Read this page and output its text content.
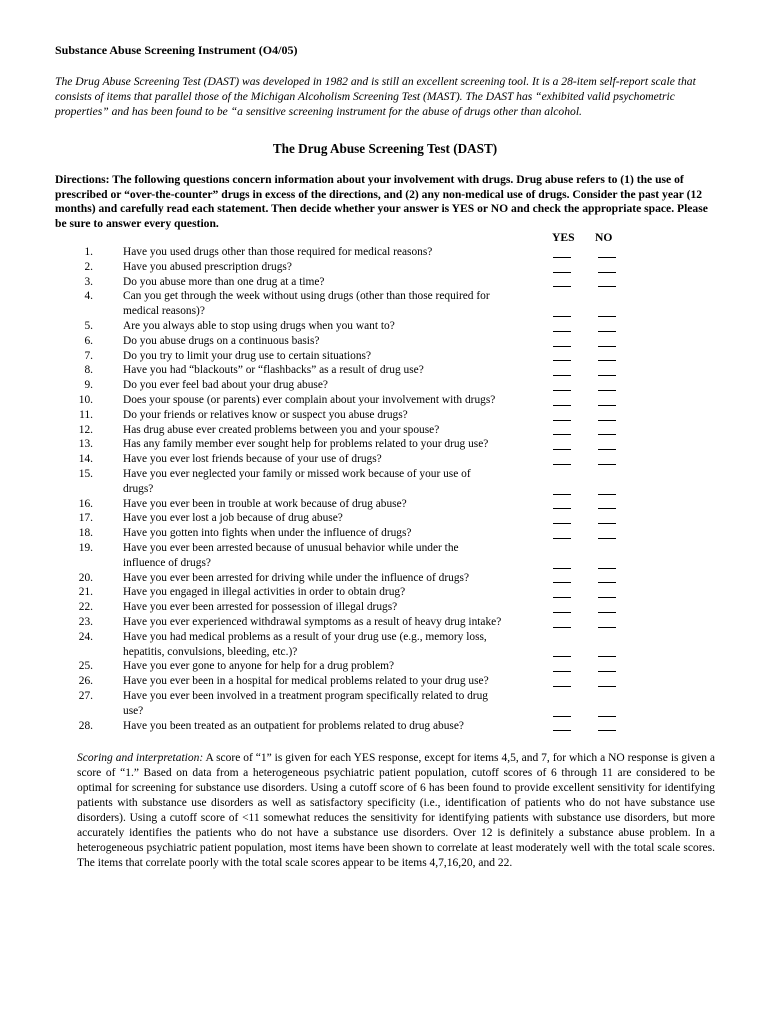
Substance Abuse Screening Instrument (O4/05)

The Drug Abuse Screening Test (DAST) was developed in 1982 and is still an excellent screening tool. It is a 28-item self-report scale that consists of items that parallel those of the Michigan Alcoholism Screening Test (MAST). The DAST has “exhibited valid psychometric properties” and has been found to be “a sensitive screening instrument for the abuse of drugs other than alcohol.

The Drug Abuse Screening Test (DAST)

Directions: The following questions concern information about your involvement with drugs. Drug abuse refers to (1) the use of prescribed or “over-the-counter” drugs in excess of the directions, and (2) any non-medical use of drugs. Consider the past year (12 months) and carefully read each statement. Then decide whether your answer is YES or NO and check the appropriate space. Please be sure to answer every question.

YES NO
1.	Have you used drugs other than those required for medical reasons?
2.	Have you abused prescription drugs?
3.	Do you abuse more than one drug at a time?
4.	Can you get through the week without using drugs (other than those required for medical reasons)?
5.	Are you always able to stop using drugs when you want to?
6.	Do you abuse drugs on a continuous basis?
7.	Do you try to limit your drug use to certain situations?
8.	Have you had “blackouts” or “flashbacks” as a result of drug use?
9.	Do you ever feel bad about your drug abuse?
10.	Does your spouse (or parents) ever complain about your involvement with drugs?
11.	Do your friends or relatives know or suspect you abuse drugs?
12.	Has drug abuse ever created problems between you and your spouse?
13.	Has any family member ever sought help for problems related to your drug use?
14.	Have you ever lost friends because of your use of drugs?
15.	Have you ever neglected your family or missed work because of your use of drugs?
16.	Have you ever been in trouble at work because of drug abuse?
17.	Have you ever lost a job because of drug abuse?
18.	Have you gotten into fights when under the influence of drugs?
19.	Have you ever been arrested because of unusual behavior while under the influence of drugs?
20.	Have you ever been arrested for driving while under the influence of drugs?
21.	Have you engaged in illegal activities in order to obtain drug?
22.	Have you ever been arrested for possession of illegal drugs?
23.	Have you ever experienced withdrawal symptoms as a result of heavy drug intake?
24.	Have you had medical problems as a result of your drug use (e.g., memory loss, hepatitis, convulsions, bleeding, etc.)?
25.	Have you ever gone to anyone for help for a drug problem?
26.	Have you ever been in a hospital for medical problems related to your drug use?
27.	Have you ever been involved in a treatment program specifically related to drug use?
28.	Have you been treated as an outpatient for problems related to drug abuse?

Scoring and interpretation: A score of “1” is given for each YES response, except for items 4,5, and 7, for which a NO response is given a score of “1.” Based on data from a heterogeneous psychiatric patient population, cutoff scores of 6 through 11 are considered to be optimal for screening for substance use disorders. Using a cutoff score of 6 has been found to provide excellent sensitivity for identifying patients with substance use disorders as well as satisfactory specificity (i.e., identification of patients who do not have substance use disorders). Using a cutoff score of <11 somewhat reduces the sensitivity for identifying patients with substance use disorders, but more accurately identifies the patients who do not have a substance use disorders. Over 12 is definitely a substance abuse problem. In a heterogeneous psychiatric patient population, most items have been shown to correlate at least moderately well with the total scale scores. The items that correlate poorly with the total scale scores appear to be items 4,7,16,20, and 22.
